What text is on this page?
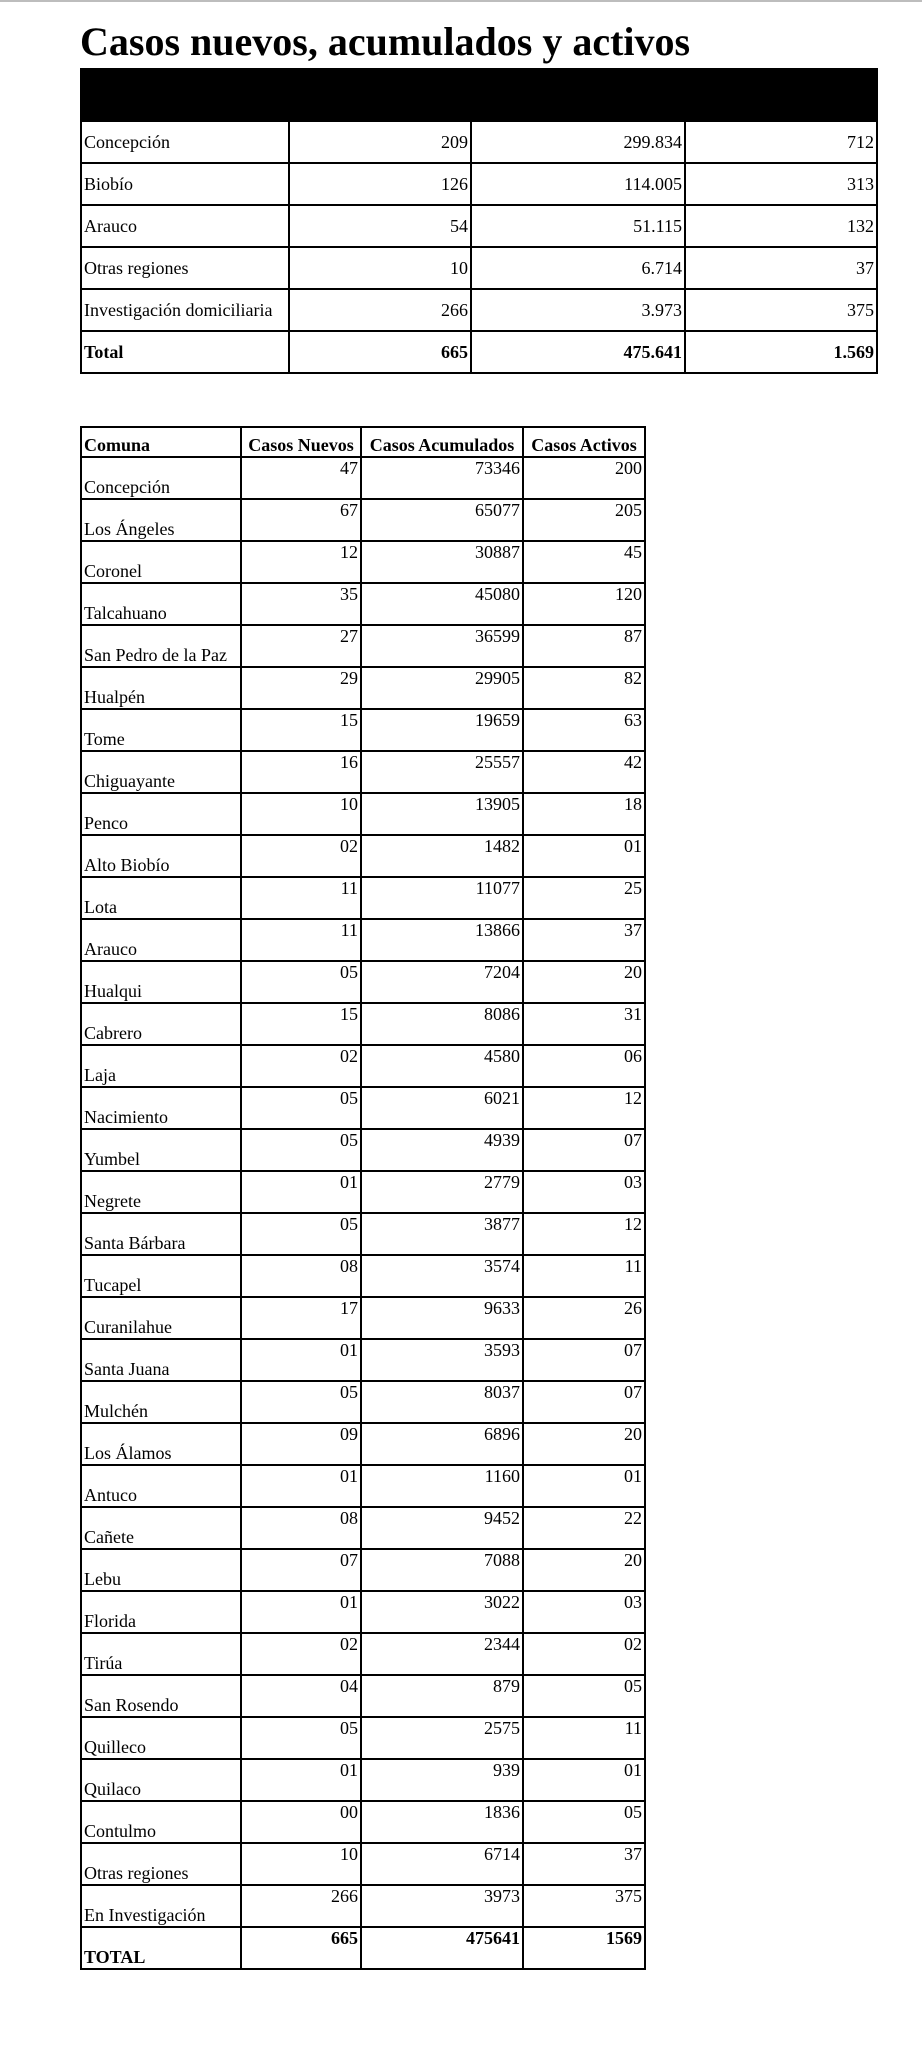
Casos nuevos, acumulados y activos

Concepción	209	299.834	712
Biobío	126	114.005	313
Arauco	54	51.115	132
Otras regiones	10	6.714	37
Investigación domiciliaria	266	3.973	375
Total	665	475.641	1.569
Comuna	Casos Nuevos	Casos Acumulados	Casos Activos
Concepción	47	73346	200
Los Ángeles	67	65077	205
Coronel	12	30887	45
Talcahuano	35	45080	120
San Pedro de la Paz	27	36599	87
Hualpén	29	29905	82
Tome	15	19659	63
Chiguayante	16	25557	42
Penco	10	13905	18
Alto Biobío	02	1482	01
Lota	11	11077	25
Arauco	11	13866	37
Hualqui	05	7204	20
Cabrero	15	8086	31
Laja	02	4580	06
Nacimiento	05	6021	12
Yumbel	05	4939	07
Negrete	01	2779	03
Santa Bárbara	05	3877	12
Tucapel	08	3574	11
Curanilahue	17	9633	26
Santa Juana	01	3593	07
Mulchén	05	8037	07
Los Álamos	09	6896	20
Antuco	01	1160	01
Cañete	08	9452	22
Lebu	07	7088	20
Florida	01	3022	03
Tirúa	02	2344	02
San Rosendo	04	879	05
Quilleco	05	2575	11
Quilaco	01	939	01
Contulmo	00	1836	05
Otras regiones	10	6714	37
En Investigación	266	3973	375
TOTAL	665	475641	1569
